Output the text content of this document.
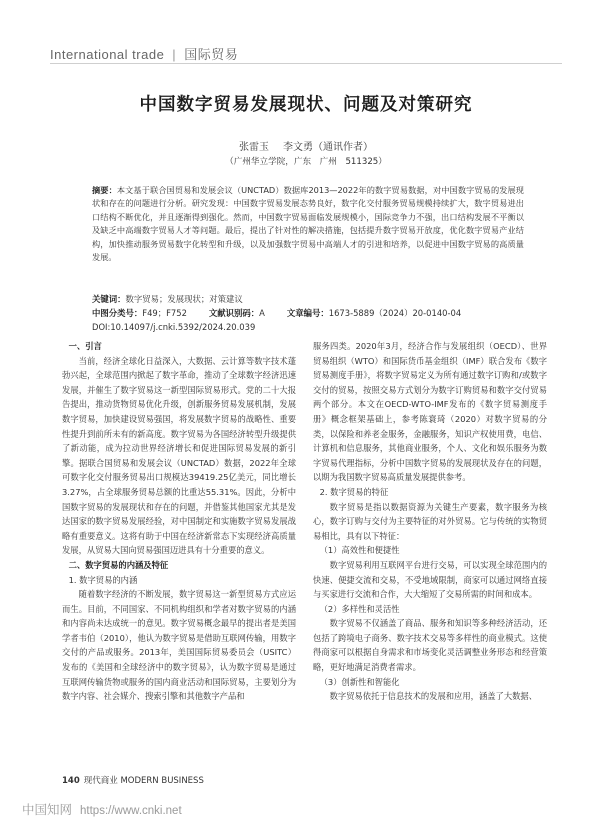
International trade | 国际贸易
中国数字贸易发展现状、问题及对策研究
张雷玉 李文勇（通讯作者）
（广州华立学院，广东　广州　511325）
摘要：本文基于联合国贸易和发展会议（UNCTAD）数据库2013—2022年的数字贸易数据，对中国数字贸易的发展现状和存在的问题进行分析。研究发现：中国数字贸易发展态势良好，数字化交付服务贸易规模持续扩大，数字贸易进出口结构不断优化，并且逐渐得到强化。然而，中国数字贸易面临发展规模小，国际竞争力不强，出口结构发展不平衡以及缺乏中高端数字贸易人才等问题。最后，提出了针对性的解决措施，包括提升数字贸易开放度，优化数字贸易产业结构，加快推动服务贸易数字化转型和升级，以及加强数字贸易中高端人才的引进和培养，以促进中国数字贸易的高质量发展。
关键词：数字贸易；发展现状；对策建议
中图分类号：F49；F752	文献识别码：A	文章编号：1673-5889（2024）20-0140-04
DOI:10.14097/j.cnki.5392/2024.20.039

一、引言

当前，经济全球化日益深入，大数据、云计算等数字技术蓬勃兴起，全球范围内掀起了数字革命，推动了全球数字经济迅速发展，并催生了数字贸易这一新型国际贸易形式。党的二十大报告提出，推动货物贸易优化升级，创新服务贸易发展机制，发展数字贸易，加快建设贸易强国，将发展数字贸易的战略性、重要性提升到前所未有的新高度。数字贸易为各国经济转型升级提供了新动能，成为拉动世界经济增长和促进国际贸易发展的新引擎。据联合国贸易和发展会议（UNCTAD）数据，2022年全球可数字化交付服务贸易出口规模达39419.25亿美元，同比增长3.27%，占全球服务贸易总额的比重达55.31%。因此，分析中国数字贸易的发展现状和存在的问题，并借鉴其他国家尤其是发达国家的数字贸易发展经验，对中国制定和实施数字贸易发展战略有重要意义。这将有助于中国在经济新常态下实现经济高质量发展，从贸易大国向贸易强国迈进具有十分重要的意义。

二、数字贸易的内涵及特征

1. 数字贸易的内涵

随着数字经济的不断发展，数字贸易这一新型贸易方式应运而生。目前，不同国家、不同机构组织和学者对数字贸易的内涵和内容尚未达成统一的意见。数字贸易概念最早的提出者是美国学者韦伯（2010），他认为数字贸易是借助互联网传输，用数字交付的产品或服务。2013年，美国国际贸易委员会（USITC）发布的《美国和全球经济中的数字贸易》，认为数字贸易是通过互联网传输货物或服务的国内商业活动和国际贸易，主要划分为数字内容、社会媒介、搜索引擎和其他数字产品和

服务四类。2020年3月，经济合作与发展组织（OECD）、世界贸易组织（WTO）和国际货币基金组织（IMF）联合发布《数字贸易测度手册》，将数字贸易定义为所有通过数字订购和/或数字交付的贸易，按照交易方式划分为数字订购贸易和数字交付贸易两个部分。本文在OECD-WTO-IMF发布的《数字贸易测度手册》概念框架基础上，参考陈寰琦（2020）对数字贸易的分类，以保险和养老金服务，金融服务，知识产权使用费，电信、计算机和信息服务，其他商业服务，个人、文化和娱乐服务为数字贸易代理指标，分析中国数字贸易的发展现状及存在的问题，以期为我国数字贸易高质量发展提供参考。

2. 数字贸易的特征

数字贸易是指以数据资源为关键生产要素，数字服务为核心，数字订购与交付为主要特征的对外贸易。它与传统的实物贸易相比，具有以下特征：

（1）高效性和便捷性

数字贸易利用互联网平台进行交易，可以实现全球范围内的快速、便捷交流和交易，不受地域限制，商家可以通过网络直接与买家进行交流和合作，大大缩短了交易所需的时间和成本。

（2）多样性和灵活性

数字贸易不仅涵盖了商品、服务和知识等多种经济活动，还包括了跨境电子商务、数字技术交易等多样性的商业模式。这使得商家可以根据自身需求和市场变化灵活调整业务形态和经营策略，更好地满足消费者需求。

（3）创新性和智能化

数字贸易依托于信息技术的发展和应用，涵盖了大数据、

140 现代商业 MODERN BUSINESS
中国知网 https://www.cnki.net
